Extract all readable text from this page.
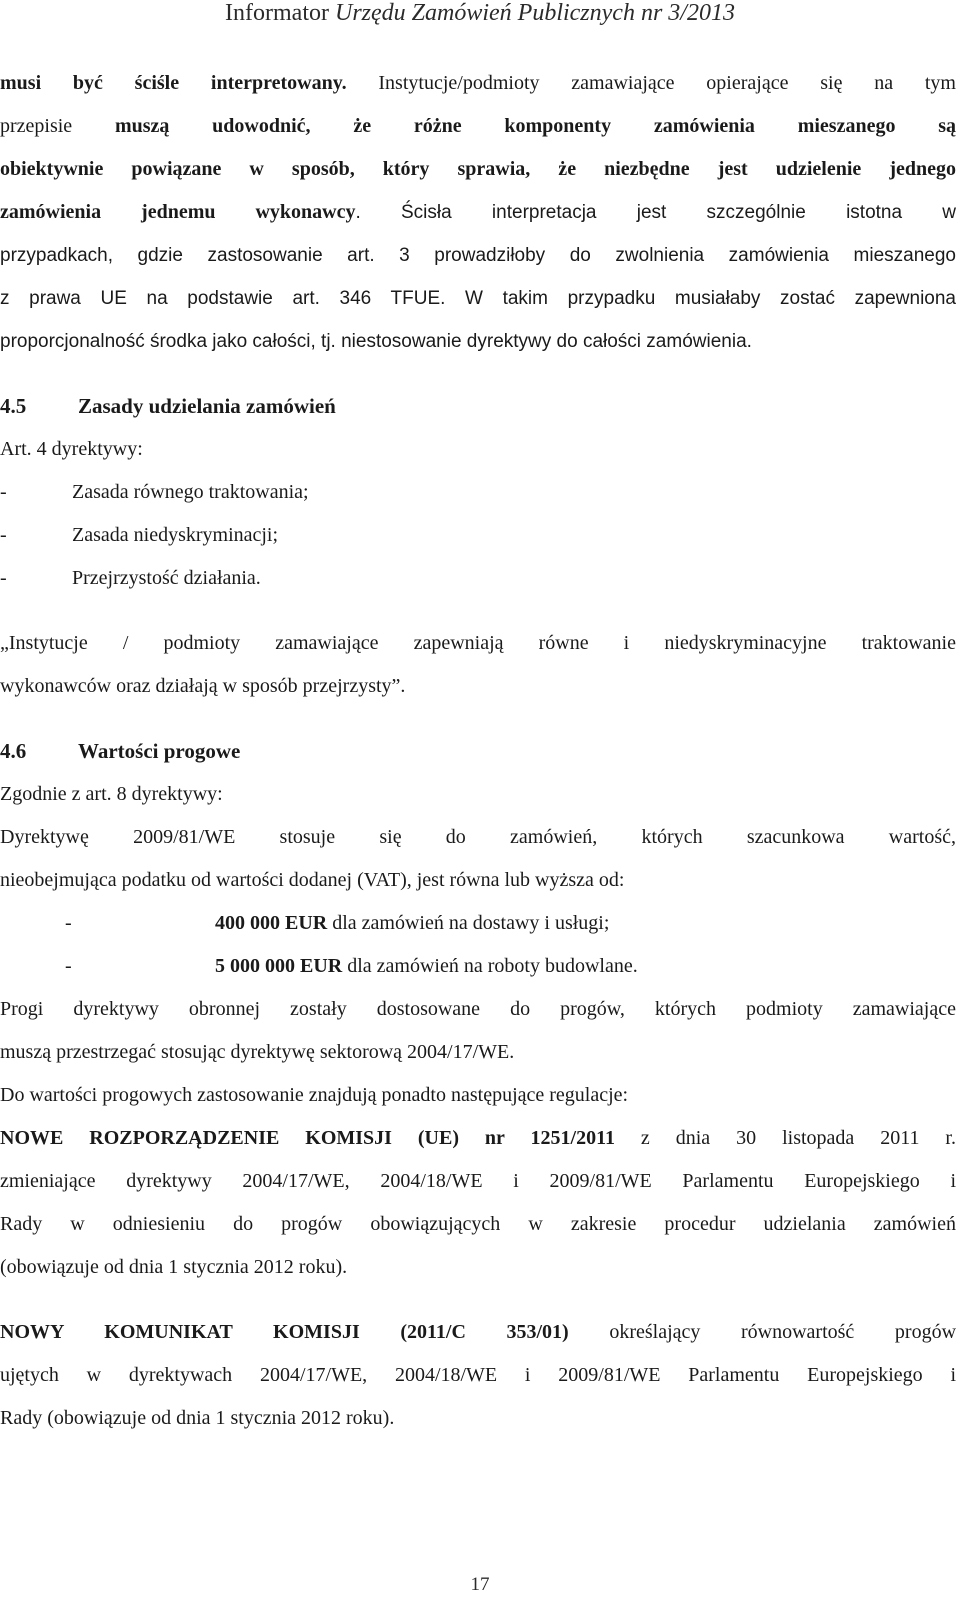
Informator Urzędu Zamówień Publicznych nr 3/2013
musi być ściśle interpretowany. Instytucje/podmioty zamawiające opierające się na tym
przepisie muszą udowodnić, że różne komponenty zamówienia mieszanego są
obiektywnie powiązane w sposób, który sprawia, że niezbędne jest udzielenie jednego
zamówienia jednemu wykonawcy. Ścisła interpretacja jest szczególnie istotna w
przypadkach, gdzie zastosowanie art. 3 prowadziłoby do zwolnienia zamówienia mieszanego
z prawa UE na podstawie art. 346 TFUE. W takim przypadku musiałaby zostać zapewniona
proporcjonalność środka jako całości, tj. niestosowanie dyrektywy do całości zamówienia.
4.5 Zasady udzielania zamówień
Art. 4 dyrektywy:
-	Zasada równego traktowania;
-	Zasada niedyskryminacji;
-	Przejrzystość działania.
„Instytucje / podmioty zamawiające zapewniają równe i niedyskryminacyjne traktowanie
wykonawców oraz działają w sposób przejrzysty”.
4.6 Wartości progowe
Zgodnie z art. 8 dyrektywy:
Dyrektywę 2009/81/WE stosuje się do zamówień, których szacunkowa wartość,
nieobejmująca podatku od wartości dodanej (VAT), jest równa lub wyższa od:
-	400 000 EUR dla zamówień na dostawy i usługi;
-	5 000 000 EUR dla zamówień na roboty budowlane.
Progi dyrektywy obronnej zostały dostosowane do progów, których podmioty zamawiające
muszą przestrzegać stosując dyrektywę sektorową 2004/17/WE.
Do wartości progowych zastosowanie znajdują ponadto następujące regulacje:
NOWE ROZPORZĄDZENIE KOMISJI (UE) nr 1251/2011 z dnia 30 listopada 2011 r.
zmieniające dyrektywy 2004/17/WE, 2004/18/WE i 2009/81/WE Parlamentu Europejskiego i
Rady w odniesieniu do progów obowiązujących w zakresie procedur udzielania zamówień
(obowiązuje od dnia 1 stycznia 2012 roku).
NOWY KOMUNIKAT KOMISJI (2011/C 353/01) określający równowartość progów
ujętych w dyrektywach 2004/17/WE, 2004/18/WE i 2009/81/WE Parlamentu Europejskiego i
Rady (obowiązuje od dnia 1 stycznia 2012 roku).
17
